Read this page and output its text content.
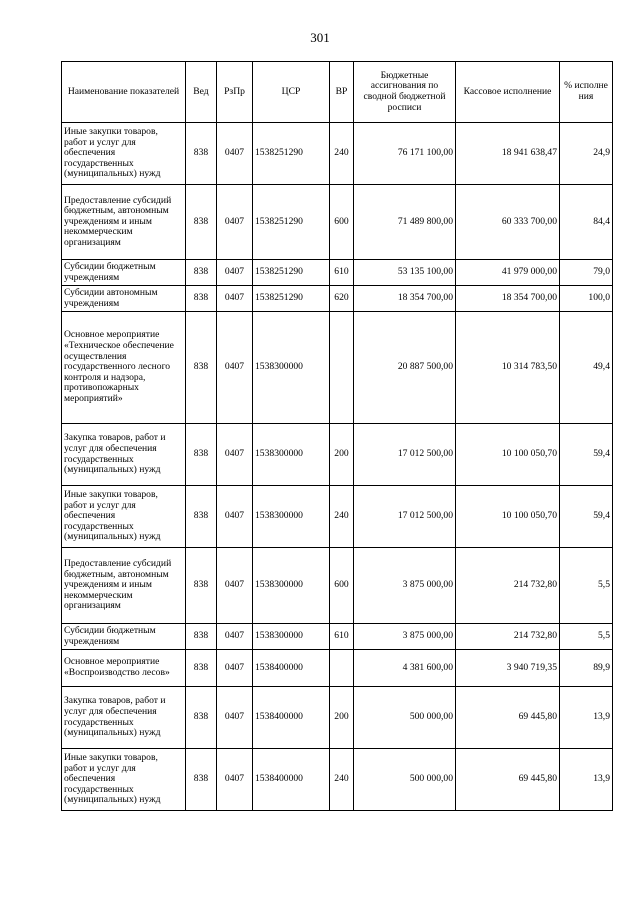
301
Наименование показателей	Вед	РзПр	ЦСР	ВР	Бюджетные ассигнования по сводной бюджетной росписи	Кассовое исполнение	% исполне ния
Иные закупки товаров, работ и услуг для обеспечения государственных (муниципальных) нужд	838	0407	1538251290	240	76 171 100,00	18 941 638,47	24,9
Предоставление субсидий бюджетным, автономным учреждениям и иным некоммерческим организациям	838	0407	1538251290	600	71 489 800,00	60 333 700,00	84,4
Субсидии бюджетным учреждениям	838	0407	1538251290	610	53 135 100,00	41 979 000,00	79,0
Субсидии автономным учреждениям	838	0407	1538251290	620	18 354 700,00	18 354 700,00	100,0
Основное мероприятие «Техническое обеспечение осуществления государственного лесного контроля и надзора, противопожарных мероприятий»	838	0407	1538300000		20 887 500,00	10 314 783,50	49,4
Закупка товаров, работ и услуг для обеспечения государственных (муниципальных) нужд	838	0407	1538300000	200	17 012 500,00	10 100 050,70	59,4
Иные закупки товаров, работ и услуг для обеспечения государственных (муниципальных) нужд	838	0407	1538300000	240	17 012 500,00	10 100 050,70	59,4
Предоставление субсидий бюджетным, автономным учреждениям и иным некоммерческим организациям	838	0407	1538300000	600	3 875 000,00	214 732,80	5,5
Субсидии бюджетным учреждениям	838	0407	1538300000	610	3 875 000,00	214 732,80	5,5
Основное мероприятие «Воспроизводство лесов»	838	0407	1538400000		4 381 600,00	3 940 719,35	89,9
Закупка товаров, работ и услуг для обеспечения государственных (муниципальных) нужд	838	0407	1538400000	200	500 000,00	69 445,80	13,9
Иные закупки товаров, работ и услуг для обеспечения государственных (муниципальных) нужд	838	0407	1538400000	240	500 000,00	69 445,80	13,9
